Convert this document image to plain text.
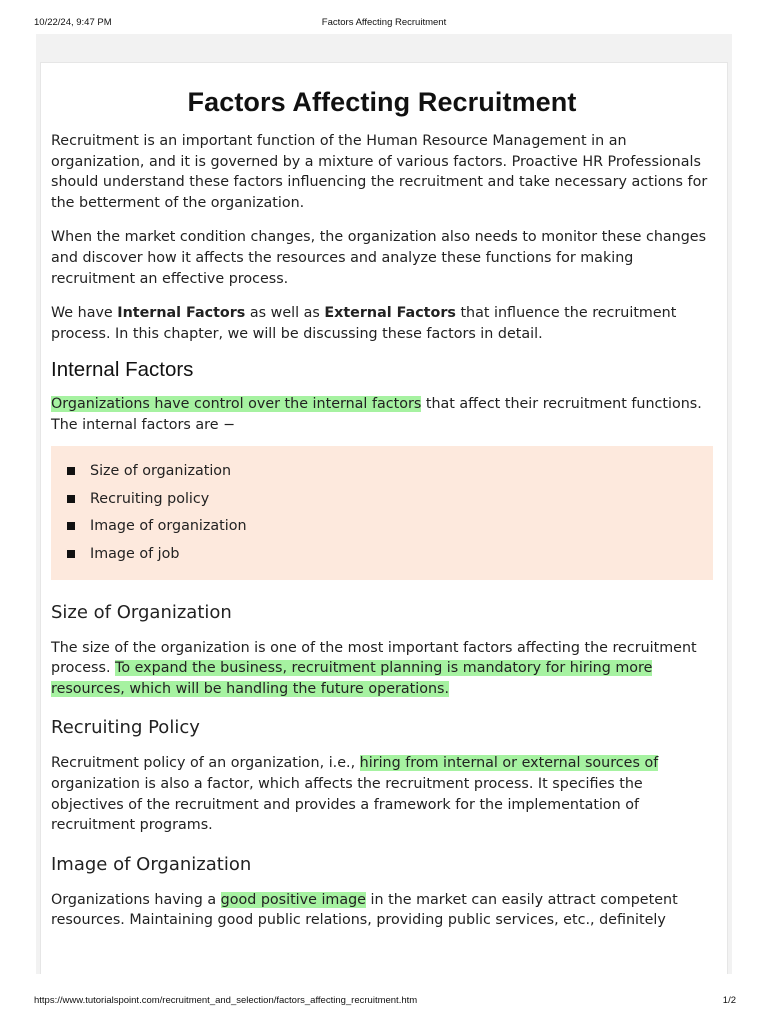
10/22/24, 9:47 PM	Factors Affecting Recruitment
Factors Affecting Recruitment

Recruitment is an important function of the Human Resource Management in an organization, and it is governed by a mixture of various factors. Proactive HR Professionals should understand these factors influencing the recruitment and take necessary actions for the betterment of the organization.

When the market condition changes, the organization also needs to monitor these changes and discover how it affects the resources and analyze these functions for making recruitment an effective process.

We have Internal Factors as well as External Factors that influence the recruitment process. In this chapter, we will be discussing these factors in detail.

Internal Factors

Organizations have control over the internal factors that affect their recruitment functions. The internal factors are −

Size of organization
Recruiting policy
Image of organization
Image of job
Size of Organization

The size of the organization is one of the most important factors affecting the recruitment process. To expand the business, recruitment planning is mandatory for hiring more resources, which will be handling the future operations.

Recruiting Policy

Recruitment policy of an organization, i.e., hiring from internal or external sources of organization is also a factor, which affects the recruitment process. It specifies the objectives of the recruitment and provides a framework for the implementation of recruitment programs.

Image of Organization

Organizations having a good positive image in the market can easily attract competent resources. Maintaining good public relations, providing public services, etc., definitely

https://www.tutorialspoint.com/recruitment_and_selection/factors_affecting_recruitment.htm	1/2
